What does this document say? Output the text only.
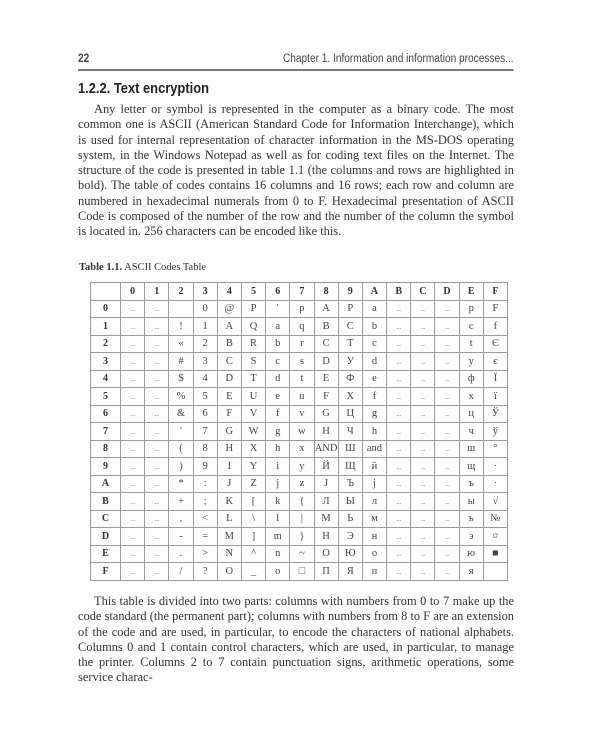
22	Chapter 1. Information and information processes...
1.2.2. Text encryption

Any letter or symbol is represented in the computer as a binary code. The most common one is ASCII (American Standard Code for Information Interchange), which is used for internal representation of character information in the MS-DOS operating system, in the Windows Notepad as well as for coding text files on the Internet. The structure of the code is presented in table 1.1 (the columns and rows are highlighted in bold). The table of codes contains 16 columns and 16 rows; each row and column are numbered in hexadecimal numerals from 0 to F. Hexadecimal presentation of ASCII Code is composed of the number of the row and the number of the column the symbol is located in. 256 characters can be encoded like this.

Table 1.1. ASCII Codes Table
	0	1	2	3	4	5	6	7	8	9	A	B	C	D	E	F
0	...	...		0	@	P	'	p	A	P	a	...	...	...	p	F
1	...	...	!	1	A	Q	a	q	B	C	b	...	...	...	c	f
2	...	...	«	2	B	R	b	r	C	T	c	...	...	...	t	Є
3	...	...	#	3	C	S	c	s	D	У	d	...	...	...	y	є
4	...	...	$	4	D	T	d	t	E	Ф	e	...	...	...	ф	Ї
5	...	...	%	5	E	U	e	u	F	X	f	...	...	...	x	ї
6	...	...	&	6	F	V	f	v	G	Ц	g	...	...	...	ц	Ў
7	...	...	'	7	G	W	g	w	H	Ч	h	...	...	...	ч	ў
8	...	...	(	8	H	X	h	x	AND	Ш	and	...	...	...	ш	°
9	...	...	)	9	I	Y	i	y	Й	Щ	й	...	...	...	щ	·
A	...	...	*	:	J	Z	j	z	J	Ъ	j	...	...	...	ъ	·
B	...	...	+	;	K	[	k	{	Л	Ы	л	...	...	...	ы	√
C	...	...	,	<	L	\	l	|	M	Ь	м	...	...	...	ь	№
D	...	...	-	=	M	]	m	}	H	Э	н	...	...	...	э	¤
E	...	...	.	>	N	^	n	~	O	Ю	o	...	...	...	ю	■
F	...	...	/	?	O	_	o	□	П	Я	п	...	...	...	я	

This table is divided into two parts: columns with numbers from 0 to 7 make up the code standard (the permanent part); columns with numbers from 8 to F are an extension of the code and are used, in particular, to encode the characters of national alphabets. Columns 0 and 1 contain control characters, which are used, in particular, to manage the printer. Columns 2 to 7 contain punctuation signs, arithmetic operations, some service charac-
